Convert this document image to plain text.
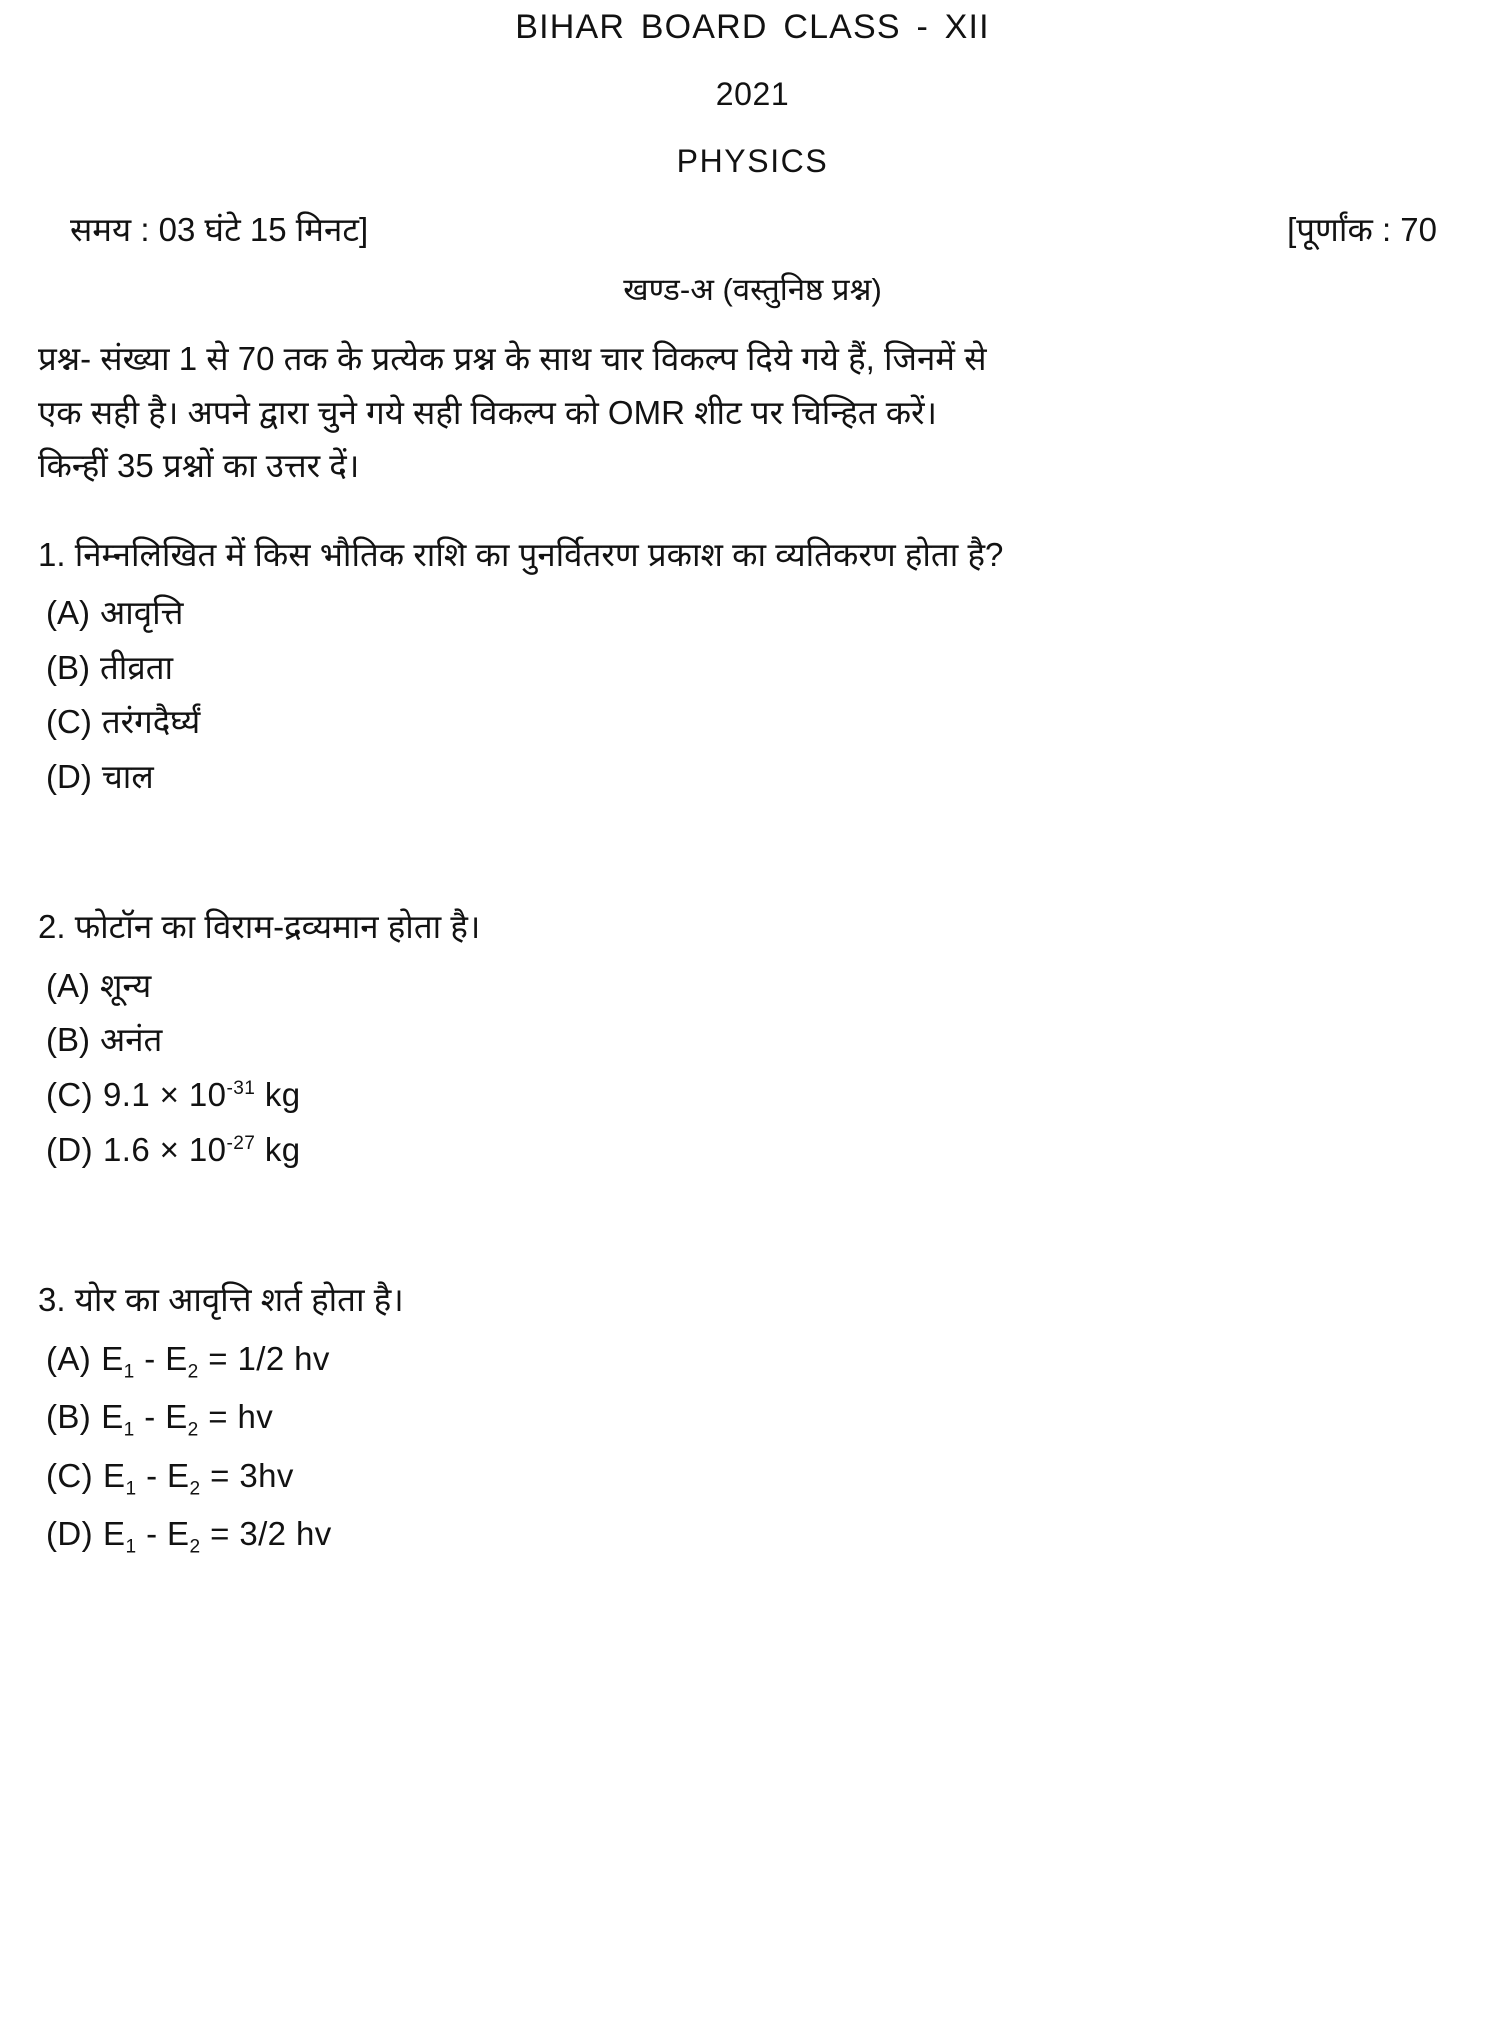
BIHAR BOARD CLASS - XII
2021
PHYSICS
समय : 03 घंटे 15 मिनट]	[पूर्णांक : 70
खण्ड-अ (वस्तुनिष्ठ प्रश्न)
प्रश्न- संख्या 1 से 70 तक के प्रत्येक प्रश्न के साथ चार विकल्प दिये गये हैं, जिनमें से
एक सही है। अपने द्वारा चुने गये सही विकल्प को OMR शीट पर चिन्हित करें।
किन्हीं 35 प्रश्नों का उत्तर दें।
1. निम्नलिखित में किस भौतिक राशि का पुनर्वितरण प्रकाश का व्यतिकरण होता है?
(A) आवृत्ति
(B) तीव्रता
(C) तरंगदैर्घ्यं
(D) चाल
2. फोटॉन का विराम-द्रव्यमान होता है।
(A) शून्य
(B) अनंत
(C) $9.1 \times 10^{-31}$ kg
(D) $1.6 \times 10^{-27}$ kg
3. योर का आवृत्ति शर्त होता है।
(A) $E_1 - E_2 = 1/2$ hv
(B) $E_1 - E_2$ = hv
(C) $E_1 - E_2 = 3hv$
(D) $E_1 - E_2 = 3/2$ hv
